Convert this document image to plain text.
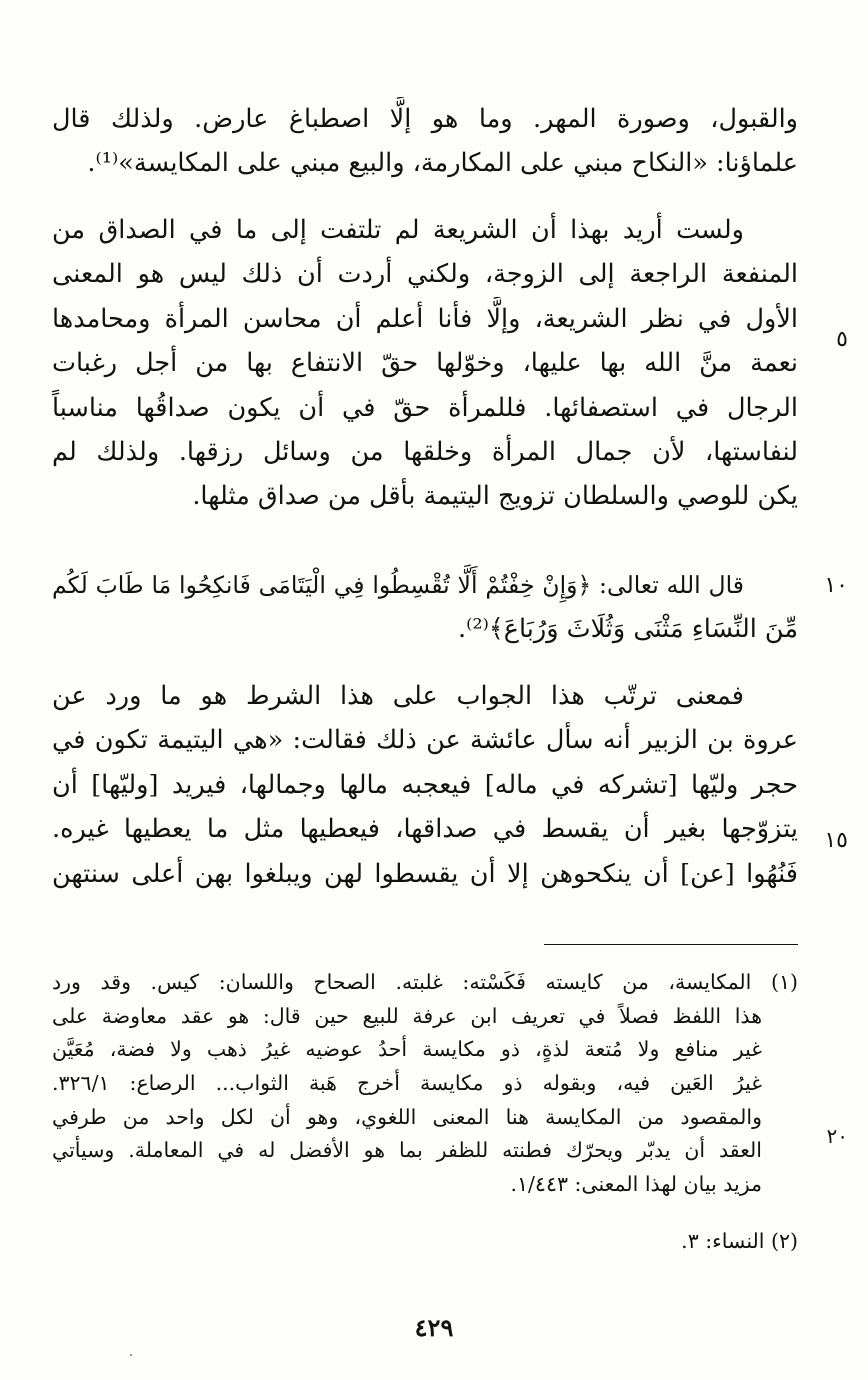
والقبول، وصورة المهر. وما هو إلَّا اصطباغ عارض. ولذلك قال
علماؤنا: «النكاح مبني على المكارمة، والبيع مبني على المكايسة»⁽¹⁾.
ولست أريد بهذا أن الشريعة لم تلتفت إلى ما في الصداق من
المنفعة الراجعة إلى الزوجة، ولكني أردت أن ذلك ليس هو المعنى
الأول في نظر الشريعة، وإلَّا فأنا أعلم أن محاسن المرأة ومحامدها
نعمة منَّ الله بها عليها، وخوّلها حقّ الانتفاع بها من أجل رغبات
الرجال في استصفائها. فللمرأة حقّ في أن يكون صداقُها مناسباً
لنفاستها، لأن جمال المرأة وخلقها من وسائل رزقها. ولذلك لم
يكن للوصي والسلطان تزويج اليتيمة بأقل من صداق مثلها.
قال الله تعالى: ﴿وَإِنْ خِفْتُمْ أَلَّا تُقْسِطُوا فِي الْيَتَامَى فَانكِحُوا مَا طَابَ لَكُم
مِّنَ النِّسَاءِ مَثْنَى وَثُلَاثَ وَرُبَاعَ﴾⁽²⁾.
فمعنى ترتّب هذا الجواب على هذا الشرط هو ما ورد عن
عروة بن الزبير أنه سأل عائشة عن ذلك فقالت: «هي اليتيمة تكون في
حجر وليّها [تشركه في ماله] فيعجبه مالها وجمالها، فيريد [وليّها] أن
يتزوّجها بغير أن يقسط في صداقها، فيعطيها مثل ما يعطيها غيره.
فَنُهُوا [عن] أن ينكحوهن إلا أن يقسطوا لهن ويبلغوا بهن أعلى سنتهن
٥
١٠
١٥
٢٠
(١) المكايسة، من كايسته فَكَسْته: غلبته. الصحاح واللسان: كيس. وقد ورد
هذا اللفظ فصلاً في تعريف ابن عرفة للبيع حين قال: هو عقد معاوضة على
غير منافع ولا مُتعة لذةٍ، ذو مكايسة أحدُ عوضيه غيرُ ذهب ولا فضة، مُعَيَّن
غيرُ العَين فيه، وبقوله ذو مكايسة أخرج هَبة الثواب... الرصاع: ٣٢٦/١.
والمقصود من المكايسة هنا المعنى اللغوي، وهو أن لكل واحد من طرفي
العقد أن يدبّر ويحرّك فطنته للظفر بما هو الأفضل له في المعاملة. وسيأتي
مزيد بيان لهذا المعنى: ١/٤٤٣.
(٢) النساء: ٣.
٤٢٩
